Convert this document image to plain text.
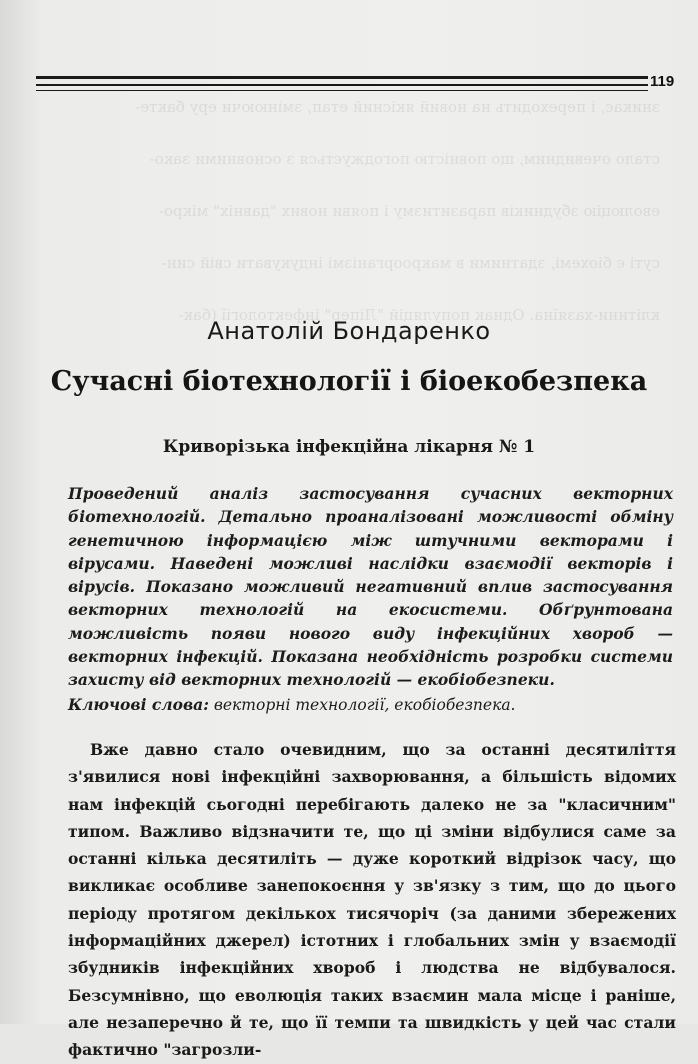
зникає, і переходить на новий якісний етап, змінюючи еру бакте-
стало очевидним, що повністю погоджується з основними зако-
еволюцію збудників паразитизму і появи нових "давніх" мікро-
суті є біохемі, здатними в макроорганізмі індукувати свій син-
клітини-хазяїна. Однак популяцій "Ліпер" інфектології (бак-
119
Анатолій Бондаренко
Сучасні біотехнології і біоекобезпека
Криворізька інфекційна лікарня № 1
Проведений аналіз застосування сучасних векторних біотехнологій. Детально проаналізовані можливості обміну генетичною інформацією між штучними векторами і вірусами. Наведені можливі наслідки взаємодії векторів і вірусів. Показано можливий негативний вплив застосування векторних технологій на екосистеми. Обґрунтована можливість появи нового виду інфекційних хвороб — векторних інфекцій. Показана необхідність розробки системи захисту від векторних технологій — екобіобезпеки.
Ключові слова: векторні технології, екобіобезпека.

Вже давно стало очевидним, що за останні десятиліття з'явилися нові інфекційні захворювання, а більшість відомих нам інфекцій сьогодні перебігають далеко не за "класичним" типом. Важливо відзначити те, що ці зміни відбулися саме за останні кілька десятиліть — дуже короткий відрізок часу, що викликає особливе занепокоєння у зв'язку з тим, що до цього періоду протягом декількох тисячоріч (за даними збережених інформаційних джерел) істотних і глобальних змін у взаємодії збудників інфекційних хвороб і людства не відбувалося. Безсумнівно, що еволюція таких взаємин мала місце і раніше, але незаперечно й те, що її темпи та швидкість у цей час стали фактично "загрозли-
